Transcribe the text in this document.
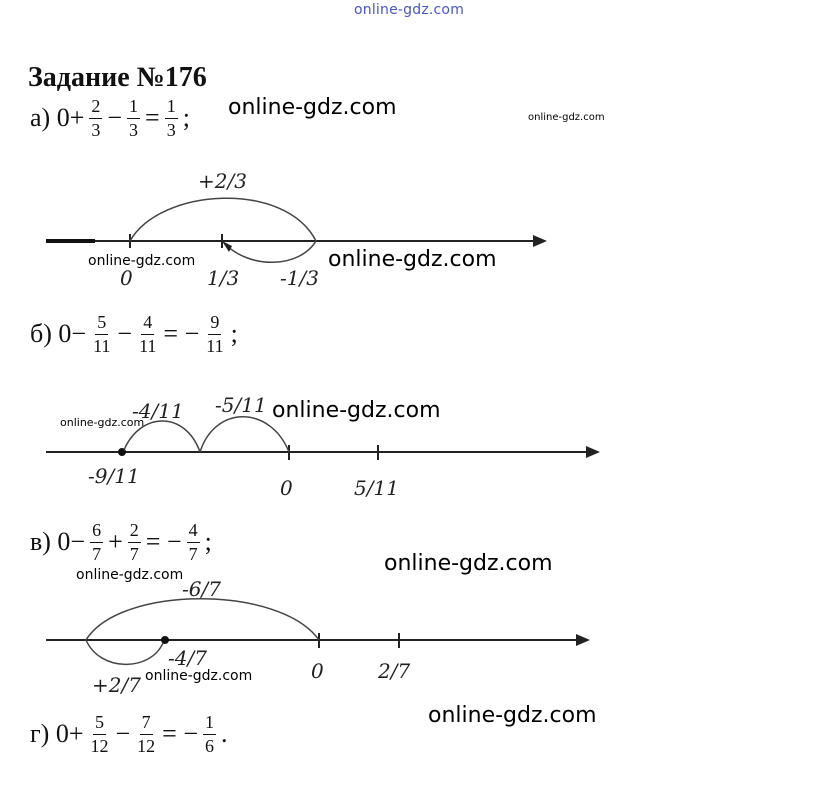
online-gdz.com
Задание №176
а) $0+ \frac{2}{3} - \frac{1}{3} = \frac{1}{3}$ ; online-gdz.com	online-gdz.com
+2/3
0	1/3 -1/3
online-gdz.com	online-gdz.com
б) $0- \frac{5}{11} - \frac{4}{11}$ = − $\frac{9}{11}$ ;
-4/11 -5/11
-9/11	0	5/11
online-gdz.com	online-gdz.com
в) $0- \frac{6}{7} + \frac{2}{7}$ = − $\frac{4}{7}$ ;
online-gdz.com	online-gdz.com
-6/7
+2/7
-4/7
0	2/7
online-gdz.com
online-gdz.com
г) $0+ \frac{5}{12} - \frac{7}{12}$ = − $\frac{1}{6}$ .
